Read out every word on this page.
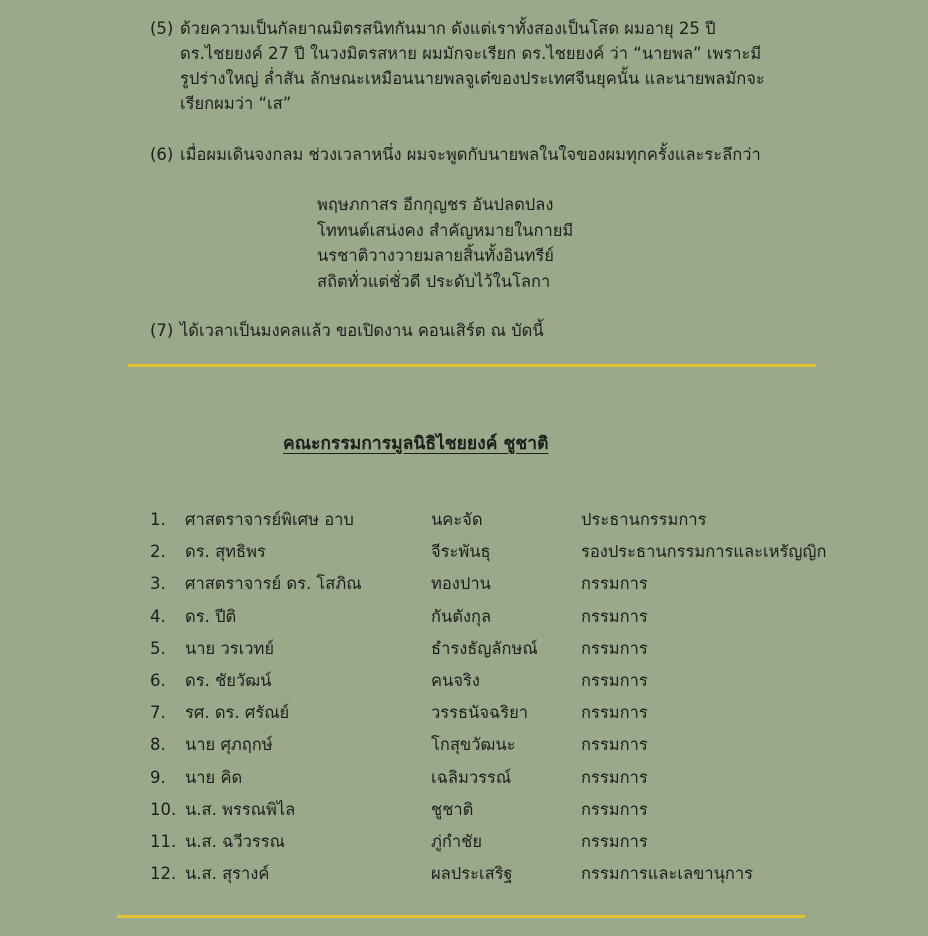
(5) ด้วยความเป็นกัลยาณมิตรสนิทกันมาก ดังแต่เราทั้งสองเป็นโสด ผมอายุ 25 ปี
ดร.ไชยยงค์ 27 ปี ในวงมิตรสหาย ผมมักจะเรียก ดร.ไชยยงค์ ว่า “นายพล” เพราะมี
รูปร่างใหญ่ ล่ำสัน ลักษณะเหมือนนายพลจูเต๋ของประเทศจีนยุคนั้น และนายพลมักจะ
เรียกผมว่า “เส”
(6) เมื่อผมเดินจงกลม ช่วงเวลาหนึ่ง ผมจะพูดกับนายพลในใจของผมทุกครั้งและระลึกว่า
พฤษภกาสร อีกกุญชร อันปลดปลง
โททนต์เสน่งคง สำคัญหมายในกายมี
นรชาติวางวายมลายสิ้นทั้งอินทรีย์
สถิตทั่วแต่ชั่วดี ประดับไว้ในโลกา
(7) ได้เวลาเป็นมงคลแล้ว ขอเปิดงาน คอนเสิร์ต ณ บัดนี้
คณะกรรมการมูลนิธิไชยยงค์ ชูชาติ
1. ศาสตราจารย์พิเศษ อาบ	นคะจัด	ประธานกรรมการ
2. ดร. สุทธิพร	จีระพันธุ	รองประธานกรรมการและเหรัญญิก
3. ศาสตราจารย์ ดร. โสภิณ	ทองปาน	กรรมการ
4. ดร. ปีติ	กันตังกุล	กรรมการ
5. นาย วรเวทย์	ธำรงธัญลักษณ์	กรรมการ
6. ดร. ชัยวัฒน์	คนจริง	กรรมการ
7. รศ. ดร. ศรัณย์	วรรธนัจฉริยา	กรรมการ
8. นาย ศุภฤกษ์	โกสุขวัฒนะ	กรรมการ
9. นาย คิด	เฉลิมวรรณ์	กรรมการ
10. น.ส. พรรณพิไล	ชูชาติ	กรรมการ
11. น.ส. ฉวีวรรณ	ภู่กำชัย	กรรมการ
12. น.ส. สุรางค์	ผลประเสริฐ	กรรมการและเลขานุการ
